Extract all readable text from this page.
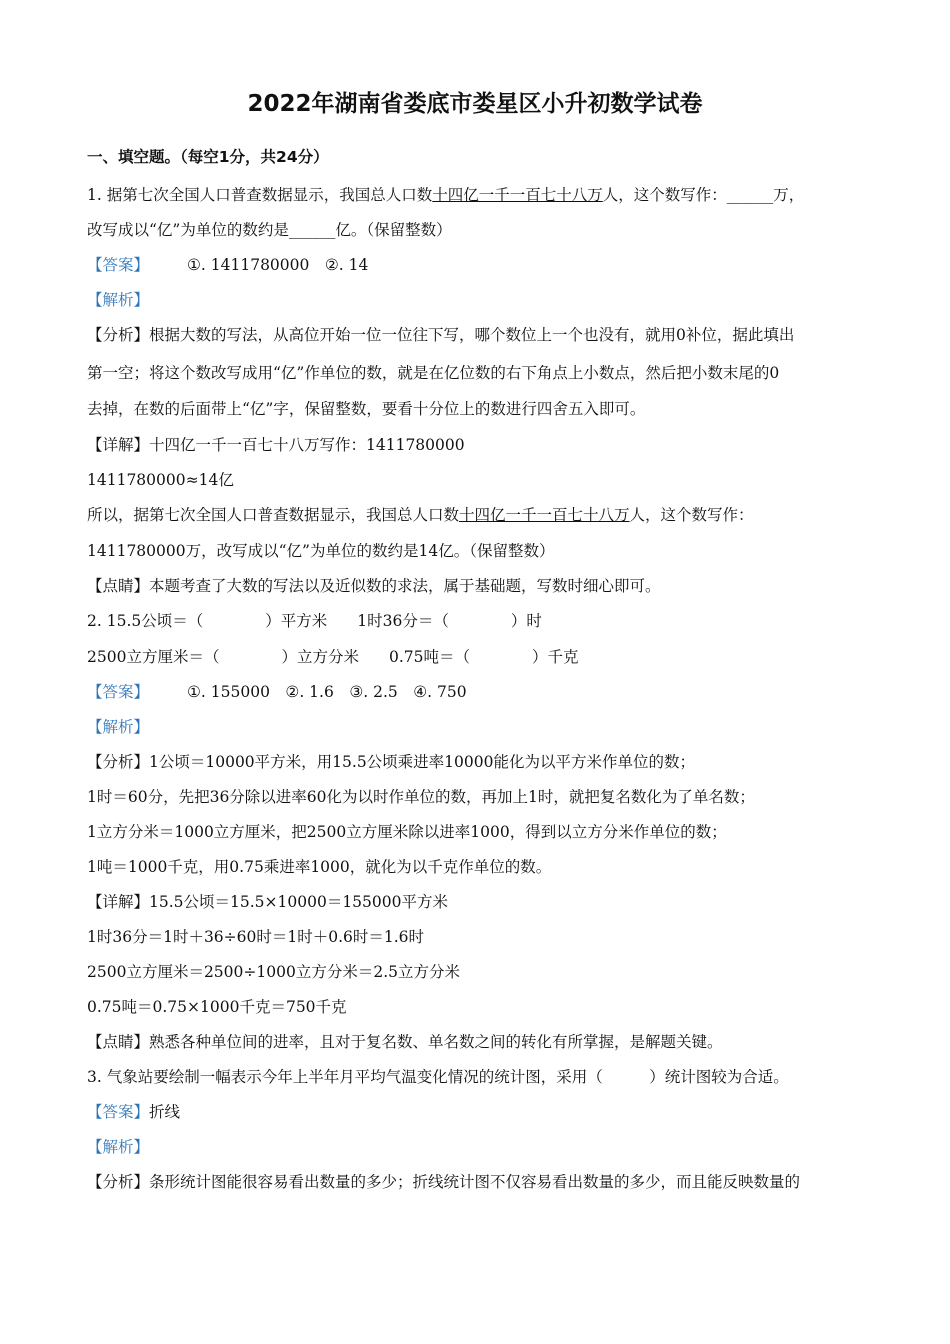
2022年湖南省娄底市娄星区小升初数学试卷
一、填空题。（每空1分，共24分）
1. 据第七次全国人口普查数据显示，我国总人口数十四亿一千一百七十八万人，这个数写作：______万，
改写成以“亿”为单位的数约是______亿。（保留整数）
【答案】 ①. 1411780000　②. 14
【解析】
【分析】根据大数的写法，从高位开始一位一位往下写，哪个数位上一个也没有，就用0补位，据此填出
第一空；将这个数改写成用“亿”作单位的数，就是在亿位数的右下角点上小数点，然后把小数末尾的0
去掉，在数的后面带上“亿”字，保留整数，要看十分位上的数进行四舍五入即可。
【详解】十四亿一千一百七十八万写作：1411780000
1411780000≈14亿
所以，据第七次全国人口普查数据显示，我国总人口数十四亿一千一百七十八万人，这个数写作：
1411780000万，改写成以“亿”为单位的数约是14亿。（保留整数）
【点睛】本题考查了大数的写法以及近似数的求法，属于基础题，写数时细心即可。
2. 15.5公顷＝（　　　　）平方米 1时36分＝（　　　　）时
2500立方厘米＝（　　　　）立方分米 0.75吨＝（　　　　）千克
【答案】 ①. 155000　②. 1.6　③. 2.5　④. 750
【解析】
【分析】1公顷＝10000平方米，用15.5公顷乘进率10000能化为以平方米作单位的数；
1时＝60分，先把36分除以进率60化为以时作单位的数，再加上1时，就把复名数化为了单名数；
1立方分米＝1000立方厘米，把2500立方厘米除以进率1000，得到以立方分米作单位的数；
1吨＝1000千克，用0.75乘进率1000，就化为以千克作单位的数。
【详解】15.5公顷＝15.5×10000＝155000平方米
1时36分＝1时＋36÷60时＝1时＋0.6时＝1.6时
2500立方厘米＝2500÷1000立方分米＝2.5立方分米
0.75吨＝0.75×1000千克＝750千克
【点睛】熟悉各种单位间的进率，且对于复名数、单名数之间的转化有所掌握，是解题关键。
3. 气象站要绘制一幅表示今年上半年月平均气温变化情况的统计图，采用（　　　）统计图较为合适。
【答案】折线
【解析】
【分析】条形统计图能很容易看出数量的多少；折线统计图不仅容易看出数量的多少，而且能反映数量的
